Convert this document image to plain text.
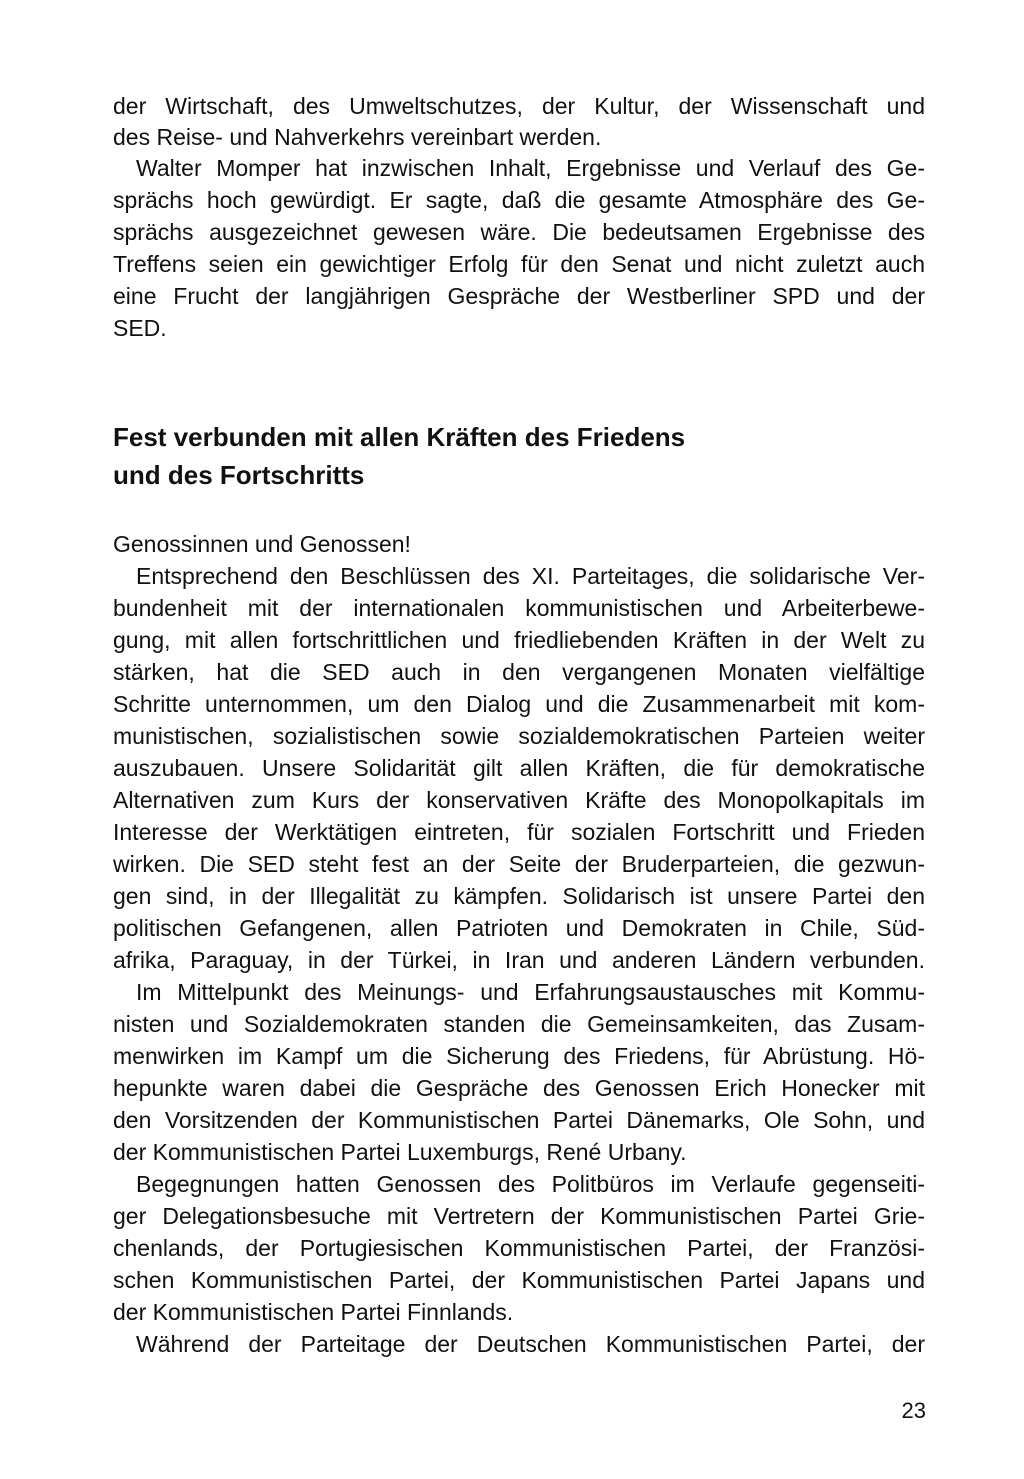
der Wirtschaft, des Umweltschutzes, der Kultur, der Wissenschaft und
des Reise- und Nahverkehrs vereinbart werden.
Walter Momper hat inzwischen Inhalt, Ergebnisse und Verlauf des Ge-
sprächs hoch gewürdigt. Er sagte, daß die gesamte Atmosphäre des Ge-
sprächs ausgezeichnet gewesen wäre. Die bedeutsamen Ergebnisse des
Treffens seien ein gewichtiger Erfolg für den Senat und nicht zuletzt auch
eine Frucht der langjährigen Gespräche der Westberliner SPD und der
SED.
Fest verbunden mit allen Kräften des Friedens
und des Fortschritts
Genossinnen und Genossen!
Entsprechend den Beschlüssen des XI. Parteitages, die solidarische Ver-
bundenheit mit der internationalen kommunistischen und Arbeiterbewe-
gung, mit allen fortschrittlichen und friedliebenden Kräften in der Welt zu
stärken, hat die SED auch in den vergangenen Monaten vielfältige
Schritte unternommen, um den Dialog und die Zusammenarbeit mit kom-
munistischen, sozialistischen sowie sozialdemokratischen Parteien weiter
auszubauen. Unsere Solidarität gilt allen Kräften, die für demokratische
Alternativen zum Kurs der konservativen Kräfte des Monopolkapitals im
Interesse der Werktätigen eintreten, für sozialen Fortschritt und Frieden
wirken. Die SED steht fest an der Seite der Bruderparteien, die gezwun-
gen sind, in der Illegalität zu kämpfen. Solidarisch ist unsere Partei den
politischen Gefangenen, allen Patrioten und Demokraten in Chile, Süd-
afrika, Paraguay, in der Türkei, in Iran und anderen Ländern verbunden.
Im Mittelpunkt des Meinungs- und Erfahrungsaustausches mit Kommu-
nisten und Sozialdemokraten standen die Gemeinsamkeiten, das Zusam-
menwirken im Kampf um die Sicherung des Friedens, für Abrüstung. Hö-
hepunkte waren dabei die Gespräche des Genossen Erich Honecker mit
den Vorsitzenden der Kommunistischen Partei Dänemarks, Ole Sohn, und
der Kommunistischen Partei Luxemburgs, René Urbany.
Begegnungen hatten Genossen des Politbüros im Verlaufe gegenseiti-
ger Delegationsbesuche mit Vertretern der Kommunistischen Partei Grie-
chenlands, der Portugiesischen Kommunistischen Partei, der Französi-
schen Kommunistischen Partei, der Kommunistischen Partei Japans und
der Kommunistischen Partei Finnlands.
Während der Parteitage der Deutschen Kommunistischen Partei, der
23
